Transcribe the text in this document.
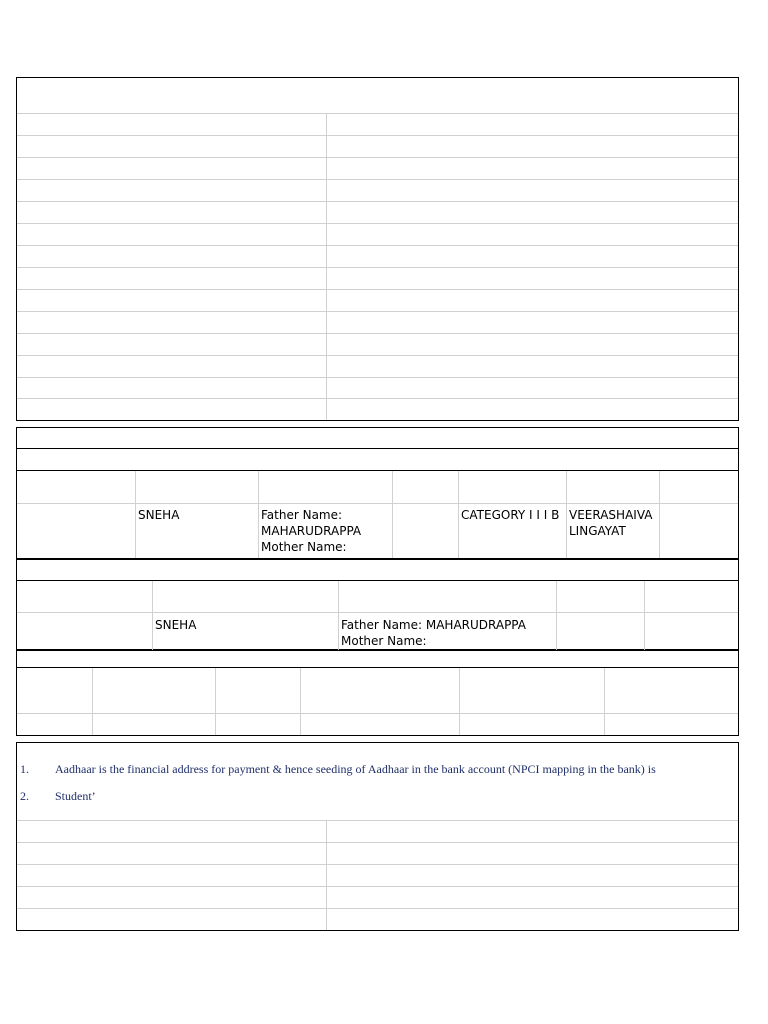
SNEHA	Father Name:
MAHARUDRAPPA
Mother Name:
CATEGORY I I I B VEERASHAIVA
LINGAYAT
SNEHA	Father Name: MAHARUDRAPPA
Mother Name:
1. Aadhaar is the financial address for payment & hence seeding of Aadhaar in the bank account (NPCI mapping in the bank) is
2. Student’
